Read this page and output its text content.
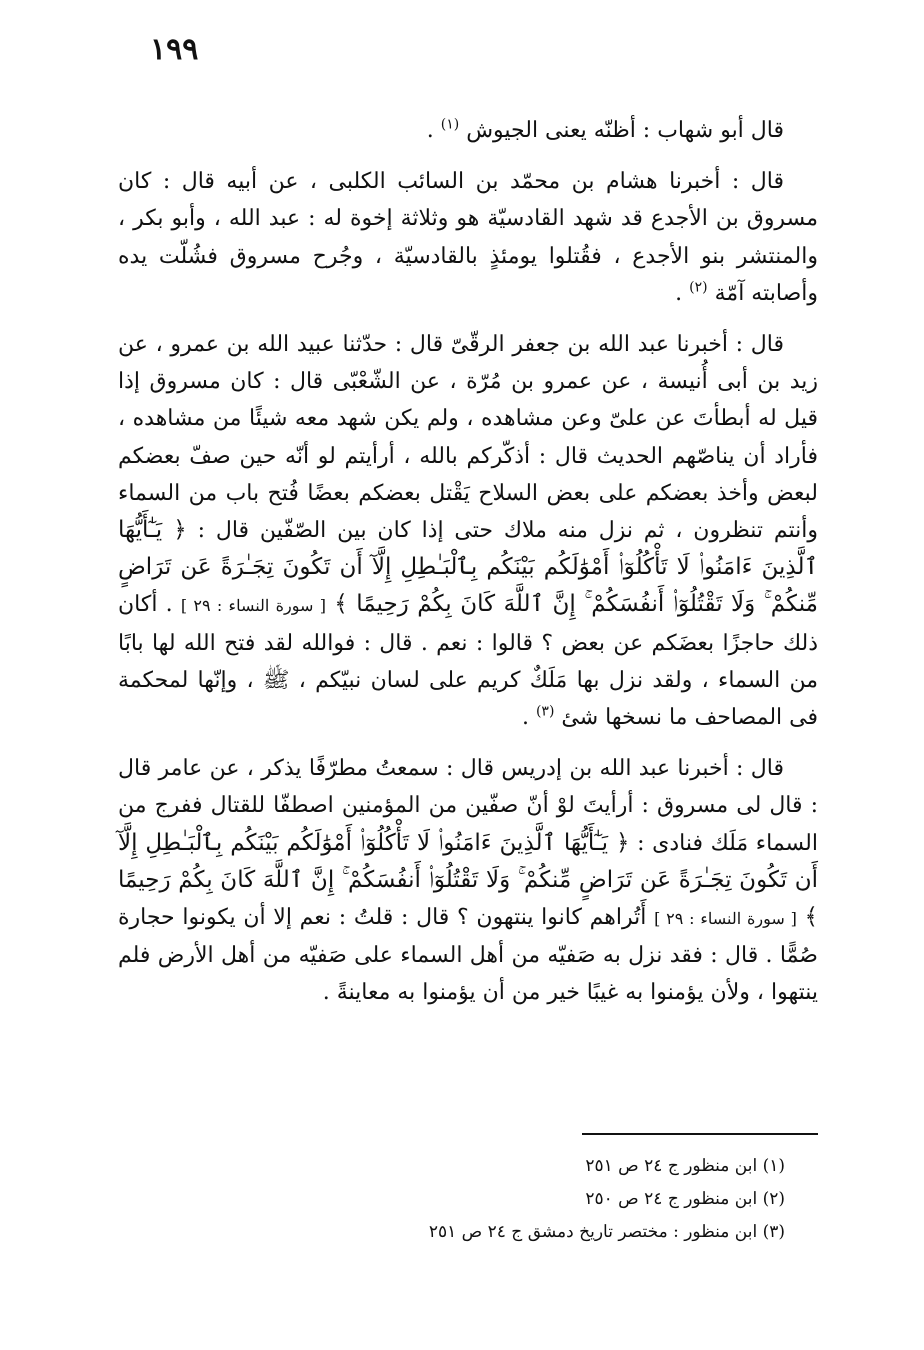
١٩٩

قال أبو شهاب : أظنّه يعنى الجيوش $^{(١)}$ .

قال : أخبرنا هشام بن محمّد بن السائب الكلبى ، عن أبيه قال : كان مسروق بن الأجدع قد شهد القادسيّة هو وثلاثة إخوة له : عبد الله ، وأبو بكر ، والمنتشر بنو الأجدع ، فقُتلوا يومئذٍ بالقادسيّة ، وجُرح مسروق فشُلّت يده وأصابته آمّة $^{(٢)}$ .

قال : أخبرنا عبد الله بن جعفر الرقّىّ قال : حدّثنا عبيد الله بن عمرو ، عن زيد بن أبى أُنيسة ، عن عمرو بن مُرّة ، عن الشّعْبّى قال : كان مسروق إذا قيل له أبطأتَ عن علىّ وعن مشاهده ، ولم يكن شهد معه شيئًا من مشاهده ، فأراد أن يناصّهم الحديث قال : أذكّركم بالله ، أرأيتم لو أنّه حين صفّ بعضكم لبعض وأخذ بعضكم على بعض السلاح يَقْتل بعضكم بعضًا فُتح باب من السماء وأنتم تنظرون ، ثم نزل منه ملاك حتى إذا كان بين الصّفّين قال : ﴿ يَـٰٓأَيُّهَا ٱلَّذِينَ ءَامَنُوا۟ لَا تَأْكُلُوٓا۟ أَمْوَٰلَكُم بَيْنَكُم بِٱلْبَـٰطِلِ إِلَّآ أَن تَكُونَ تِجَـٰرَةً عَن تَرَاضٍ مِّنكُمْ ۚ وَلَا تَقْتُلُوٓا۟ أَنفُسَكُمْ ۚ إِنَّ ٱللَّهَ كَانَ بِكُمْ رَحِيمًا ﴾ [ سورة النساء : ٢٩ ] . أكان ذلك حاجزًا بعضَكم عن بعض ؟ قالوا : نعم . قال : فوالله لقد فتح الله لها بابًا من السماء ، ولقد نزل بها مَلَكٌ كريم على لسان نبيّكم ، ﷺ ، وإنّها لمحكمة فى المصاحف ما نسخها شئ $^{(٣)}$ .

قال : أخبرنا عبد الله بن إدريس قال : سمعتُ مطرّفًا يذكر ، عن عامر قال : قال لى مسروق : أرأيتَ لوْ أنّ صفّين من المؤمنين اصطفّا للقتال ففرج من السماء مَلَك فنادى : ﴿ يَـٰٓأَيُّهَا ٱلَّذِينَ ءَامَنُوا۟ لَا تَأْكُلُوٓا۟ أَمْوَٰلَكُم بَيْنَكُم بِٱلْبَـٰطِلِ إِلَّآ أَن تَكُونَ تِجَـٰرَةً عَن تَرَاضٍ مِّنكُمْ ۚ وَلَا تَقْتُلُوٓا۟ أَنفُسَكُمْ ۚ إِنَّ ٱللَّهَ كَانَ بِكُمْ رَحِيمًا ﴾ [ سورة النساء : ٢٩ ] أَتُراهم كانوا ينتهون ؟ قال : قلتُ : نعم إلا أن يكونوا حجارة صُمًّا . قال : فقد نزل به صَفيّه من أهل السماء على صَفيّه من أهل الأرض فلم ينتهوا ، ولأن يؤمنوا به غيبًا خير من أن يؤمنوا به معاينةً .

(١) ابن منظور ج ٢٤ ص ٢٥١
(٢) ابن منظور ج ٢٤ ص ٢٥٠
(٣) ابن منظور : مختصر تاريخ دمشق ج ٢٤ ص ٢٥١
